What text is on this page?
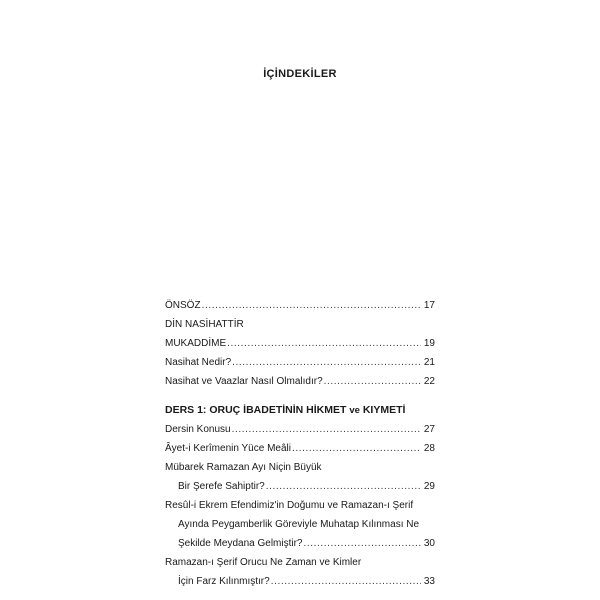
İÇİNDEKİLER
ÖNSÖZ .....	17
DİN NASİHATTİR
MUKADDİME .....	19
Nasihat Nedir? .....	21
Nasihat ve Vaazlar Nasıl Olmalıdır? .....	22
DERS 1: ORUÇ İBADETİNİN HİKMET ve KIYMETİ
Dersin Konusu .....	27
Âyet-i Kerîmenin Yüce Meâli .....	28
Mübarek Ramazan Ayı Niçin Büyük
Bir Şerefe Sahiptir? .....	29
Resûl-i Ekrem Efendimiz'in Doğumu ve Ramazan-ı Şerif
Ayında Peygamberlik Göreviyle Muhatap Kılınması Ne
Şekilde Meydana Gelmiştir? .....	30
Ramazan-ı Şerif Orucu Ne Zaman ve Kimler
İçin Farz Kılınmıştır? .....	33
